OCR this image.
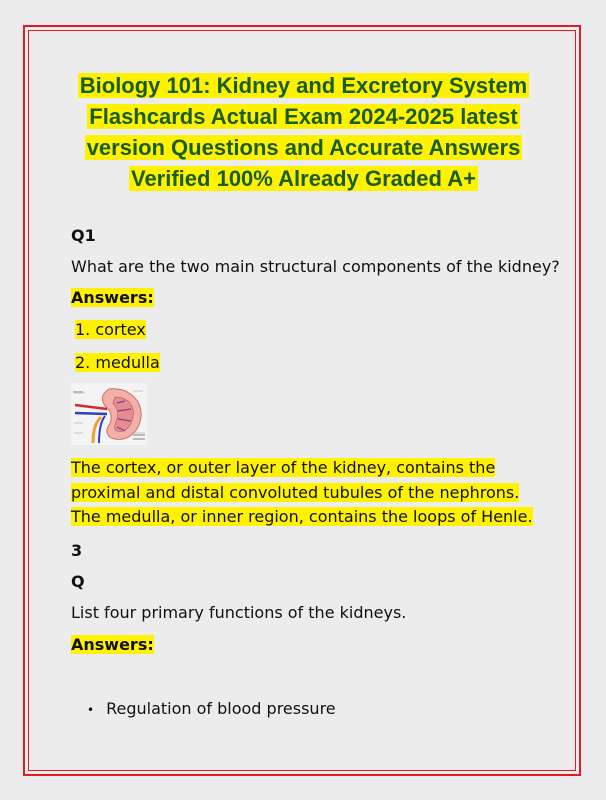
Biology 101: Kidney and Excretory System Flashcards Actual Exam 2024-2025 latest version Questions and Accurate Answers Verified 100% Already Graded A+

Q1

What are the two main structural components of the kidney?
Answers:
1. cortex
2. medulla
The cortex, or outer layer of the kidney, contains the proximal and distal convoluted tubules of the nephrons. The medulla, or inner region, contains the loops of Henle.

3

Q

List four primary functions of the kidneys.
Answers:
• Regulation of blood pressure
